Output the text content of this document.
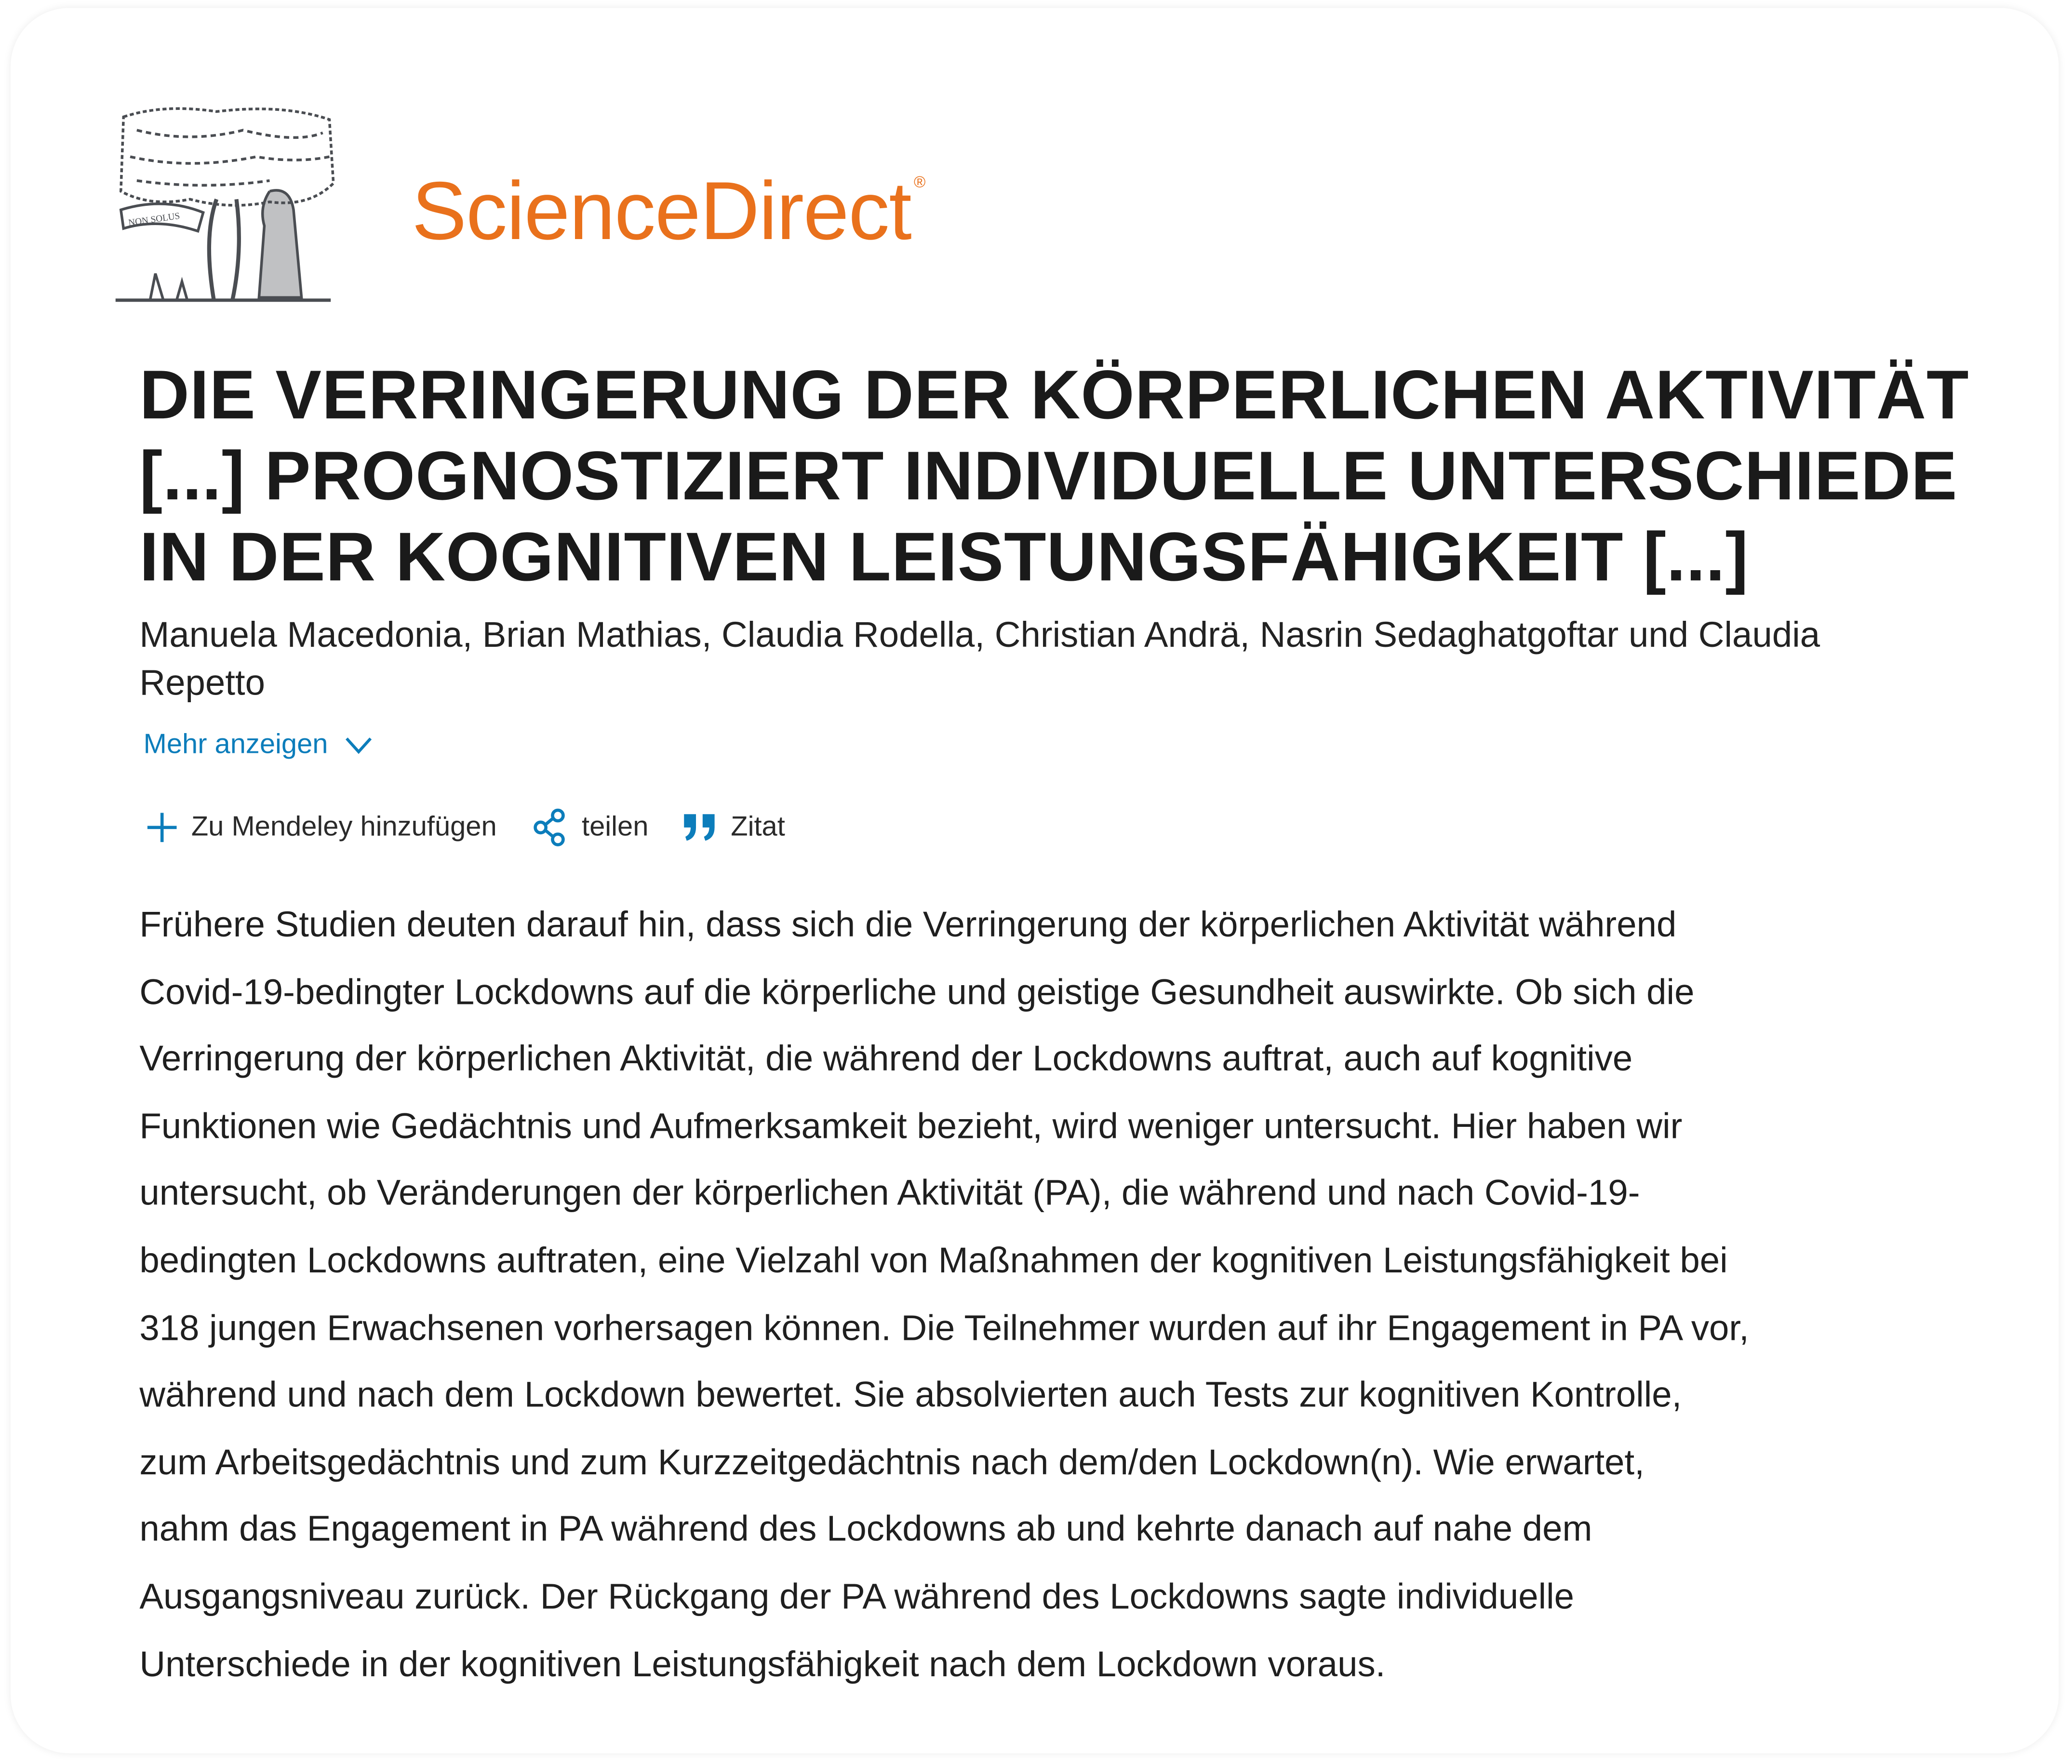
NON SOLUS	ScienceDirect ®
DIE VERRINGERUNG DER KÖRPERLICHEN AKTIVITÄT
[...] PROGNOSTIZIERT INDIVIDUELLE UNTERSCHIEDE
IN DER KOGNITIVEN LEISTUNGSFÄHIGKEIT [...]
Manuela Macedonia, Brian Mathias, Claudia Rodella, Christian Andrä, Nasrin Sedaghatgoftar und Claudia Repetto
Mehr anzeigen
Zu Mendeley hinzufügen	teilen	Zitat
Frühere Studien deuten darauf hin, dass sich die Verringerung der körperlichen Aktivität während
Covid-19-bedingter Lockdowns auf die körperliche und geistige Gesundheit auswirkte. Ob sich die
Verringerung der körperlichen Aktivität, die während der Lockdowns auftrat, auch auf kognitive
Funktionen wie Gedächtnis und Aufmerksamkeit bezieht, wird weniger untersucht. Hier haben wir
untersucht, ob Veränderungen der körperlichen Aktivität (PA), die während und nach Covid-19-
bedingten Lockdowns auftraten, eine Vielzahl von Maßnahmen der kognitiven Leistungsfähigkeit bei
318 jungen Erwachsenen vorhersagen können. Die Teilnehmer wurden auf ihr Engagement in PA vor,
während und nach dem Lockdown bewertet. Sie absolvierten auch Tests zur kognitiven Kontrolle,
zum Arbeitsgedächtnis und zum Kurzzeitgedächtnis nach dem/den Lockdown(n). Wie erwartet,
nahm das Engagement in PA während des Lockdowns ab und kehrte danach auf nahe dem
Ausgangsniveau zurück. Der Rückgang der PA während des Lockdowns sagte individuelle
Unterschiede in der kognitiven Leistungsfähigkeit nach dem Lockdown voraus.
